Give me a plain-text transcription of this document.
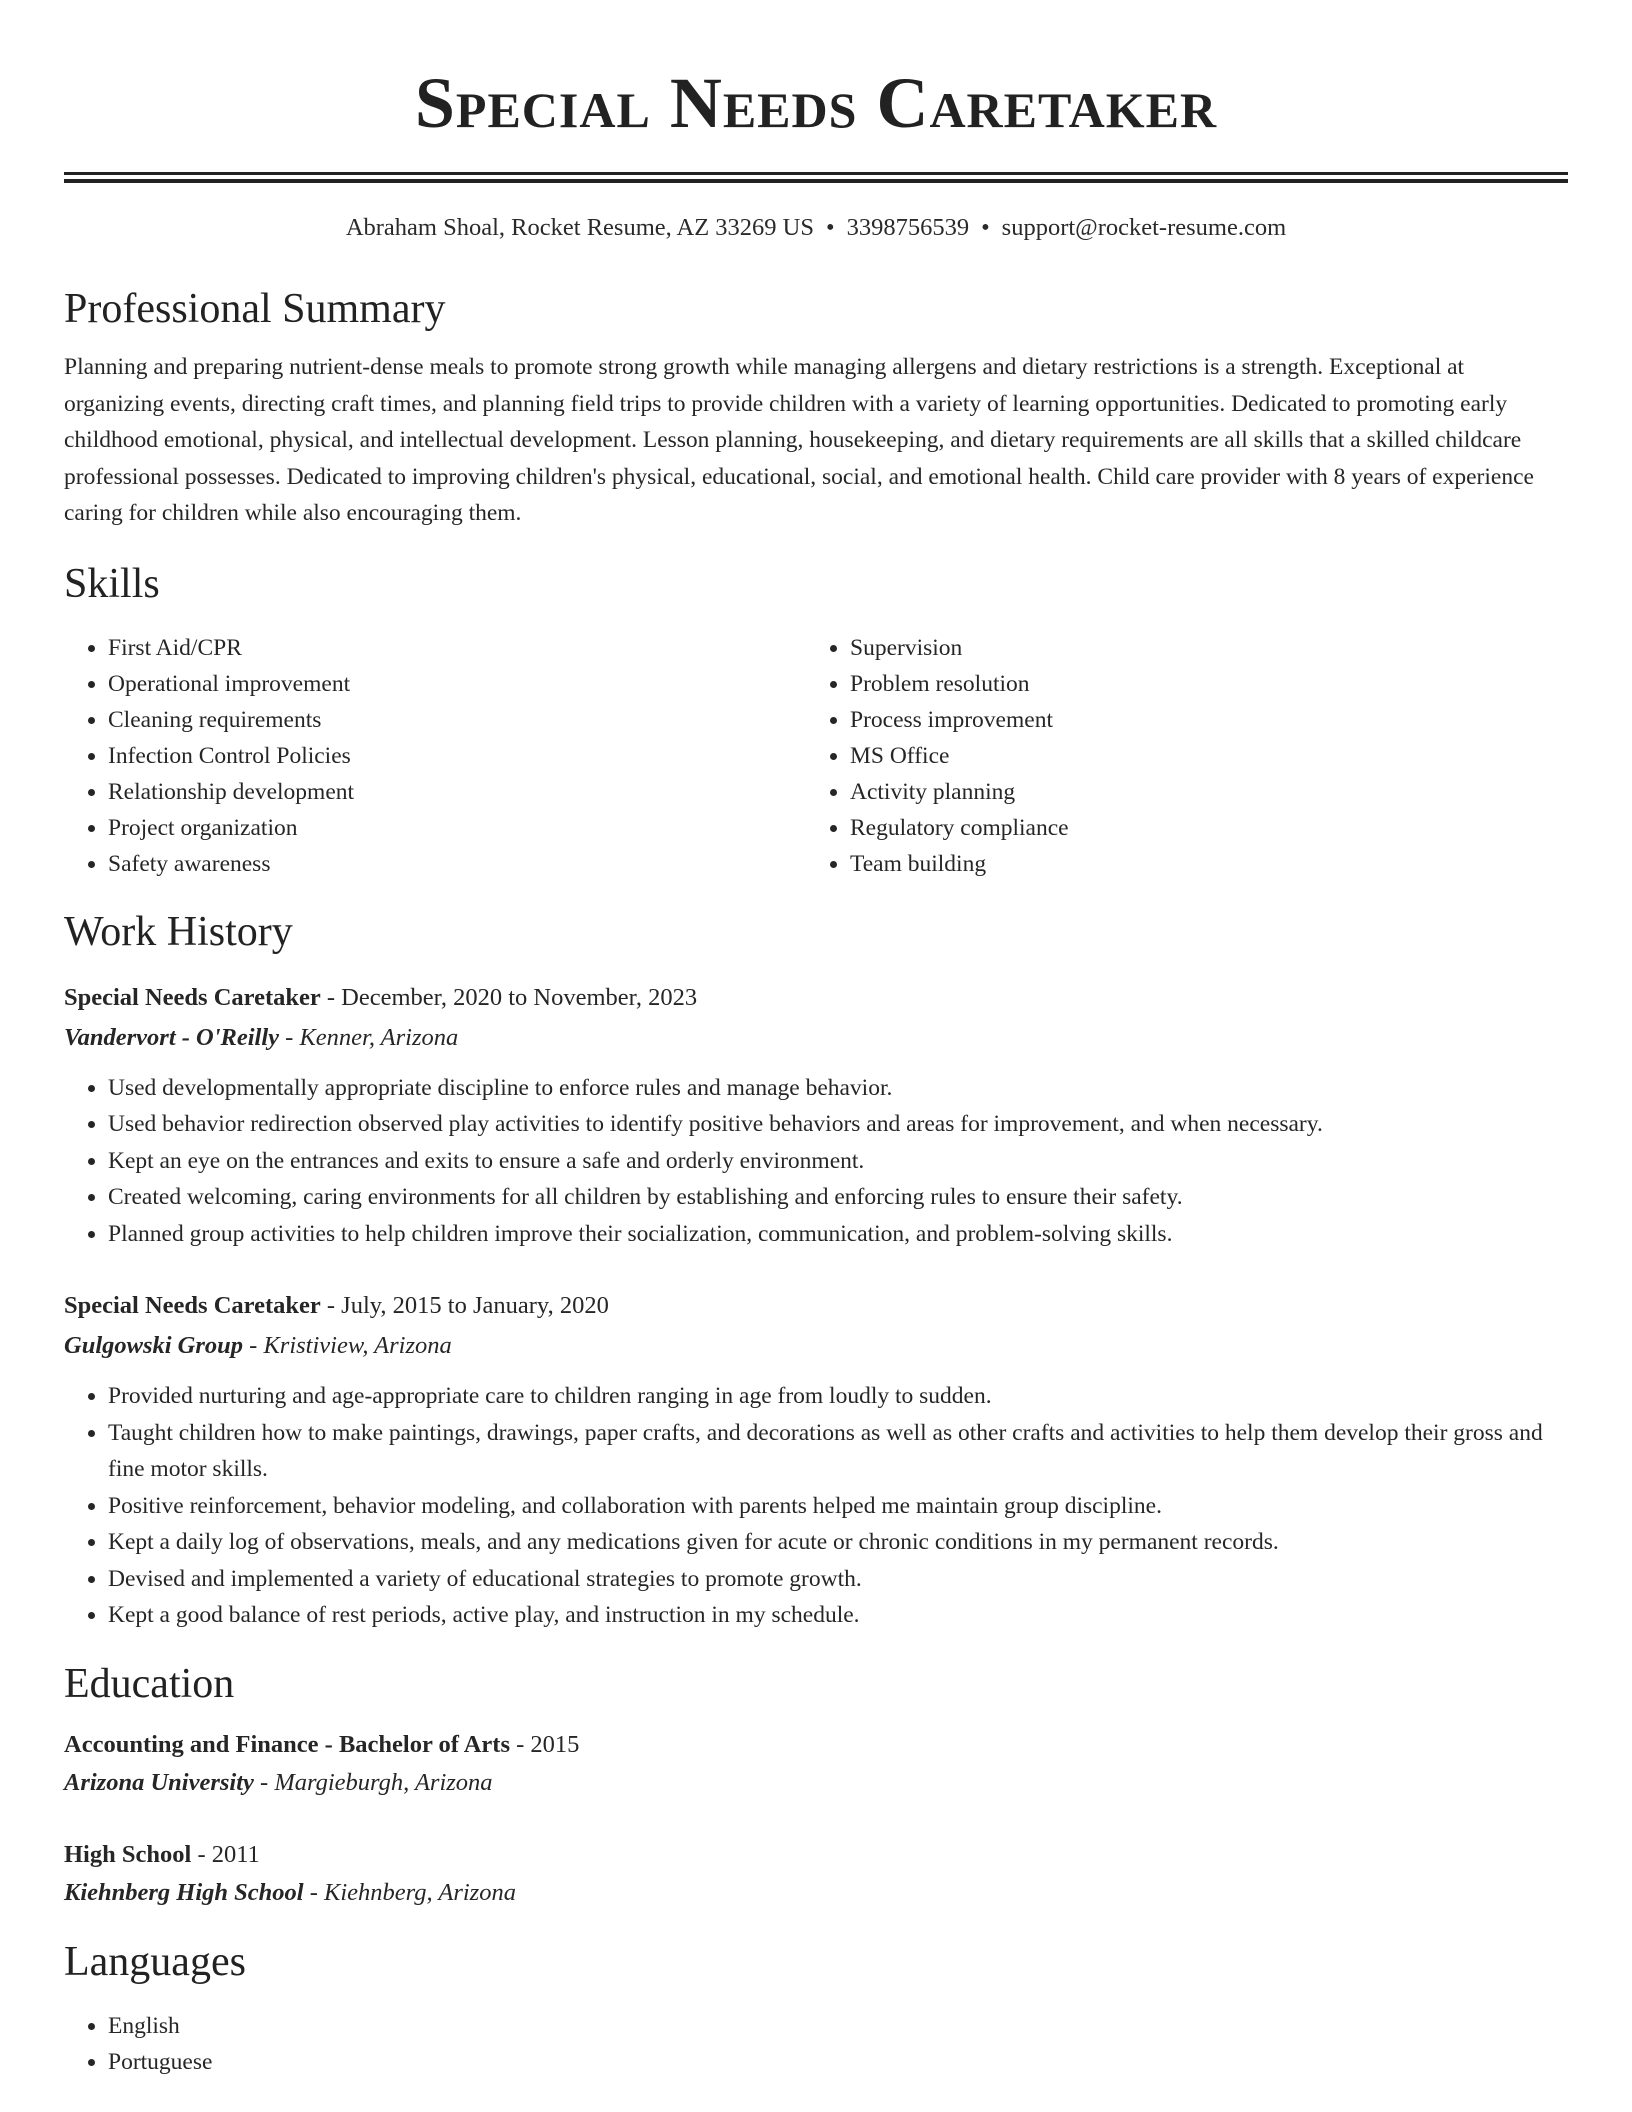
Special Needs Caretaker
Abraham Shoal, Rocket Resume, AZ 33269 US • 3398756539 • support@rocket-resume.com
Professional Summary

Planning and preparing nutrient-dense meals to promote strong growth while managing allergens and dietary restrictions is a strength. Exceptional at organizing events, directing craft times, and planning field trips to provide children with a variety of learning opportunities. Dedicated to promoting early childhood emotional, physical, and intellectual development. Lesson planning, housekeeping, and dietary requirements are all skills that a skilled childcare professional possesses. Dedicated to improving children's physical, educational, social, and emotional health. Child care provider with 8 years of experience caring for children while also encouraging them.

Skills
• First Aid/CPR
• Operational improvement
• Cleaning requirements
• Infection Control Policies
• Relationship development
• Project organization
• Safety awareness
• Supervision
• Problem resolution
• Process improvement
• MS Office
• Activity planning
• Regulatory compliance
• Team building
Work History
Special Needs Caretaker - December, 2020 to November, 2023
Vandervort - O'Reilly - Kenner, Arizona
• Used developmentally appropriate discipline to enforce rules and manage behavior.
• Used behavior redirection observed play activities to identify positive behaviors and areas for improvement, and when necessary.
• Kept an eye on the entrances and exits to ensure a safe and orderly environment.
• Created welcoming, caring environments for all children by establishing and enforcing rules to ensure their safety.
• Planned group activities to help children improve their socialization, communication, and problem-solving skills.
Special Needs Caretaker - July, 2015 to January, 2020
Gulgowski Group - Kristiview, Arizona
• Provided nurturing and age-appropriate care to children ranging in age from loudly to sudden.
• Taught children how to make paintings, drawings, paper crafts, and decorations as well as other crafts and activities to help them develop their gross and fine motor skills.
• Positive reinforcement, behavior modeling, and collaboration with parents helped me maintain group discipline.
• Kept a daily log of observations, meals, and any medications given for acute or chronic conditions in my permanent records.
• Devised and implemented a variety of educational strategies to promote growth.
• Kept a good balance of rest periods, active play, and instruction in my schedule.
Education
Accounting and Finance - Bachelor of Arts - 2015
Arizona University - Margieburgh, Arizona
High School - 2011
Kiehnberg High School - Kiehnberg, Arizona
Languages
• English
• Portuguese
